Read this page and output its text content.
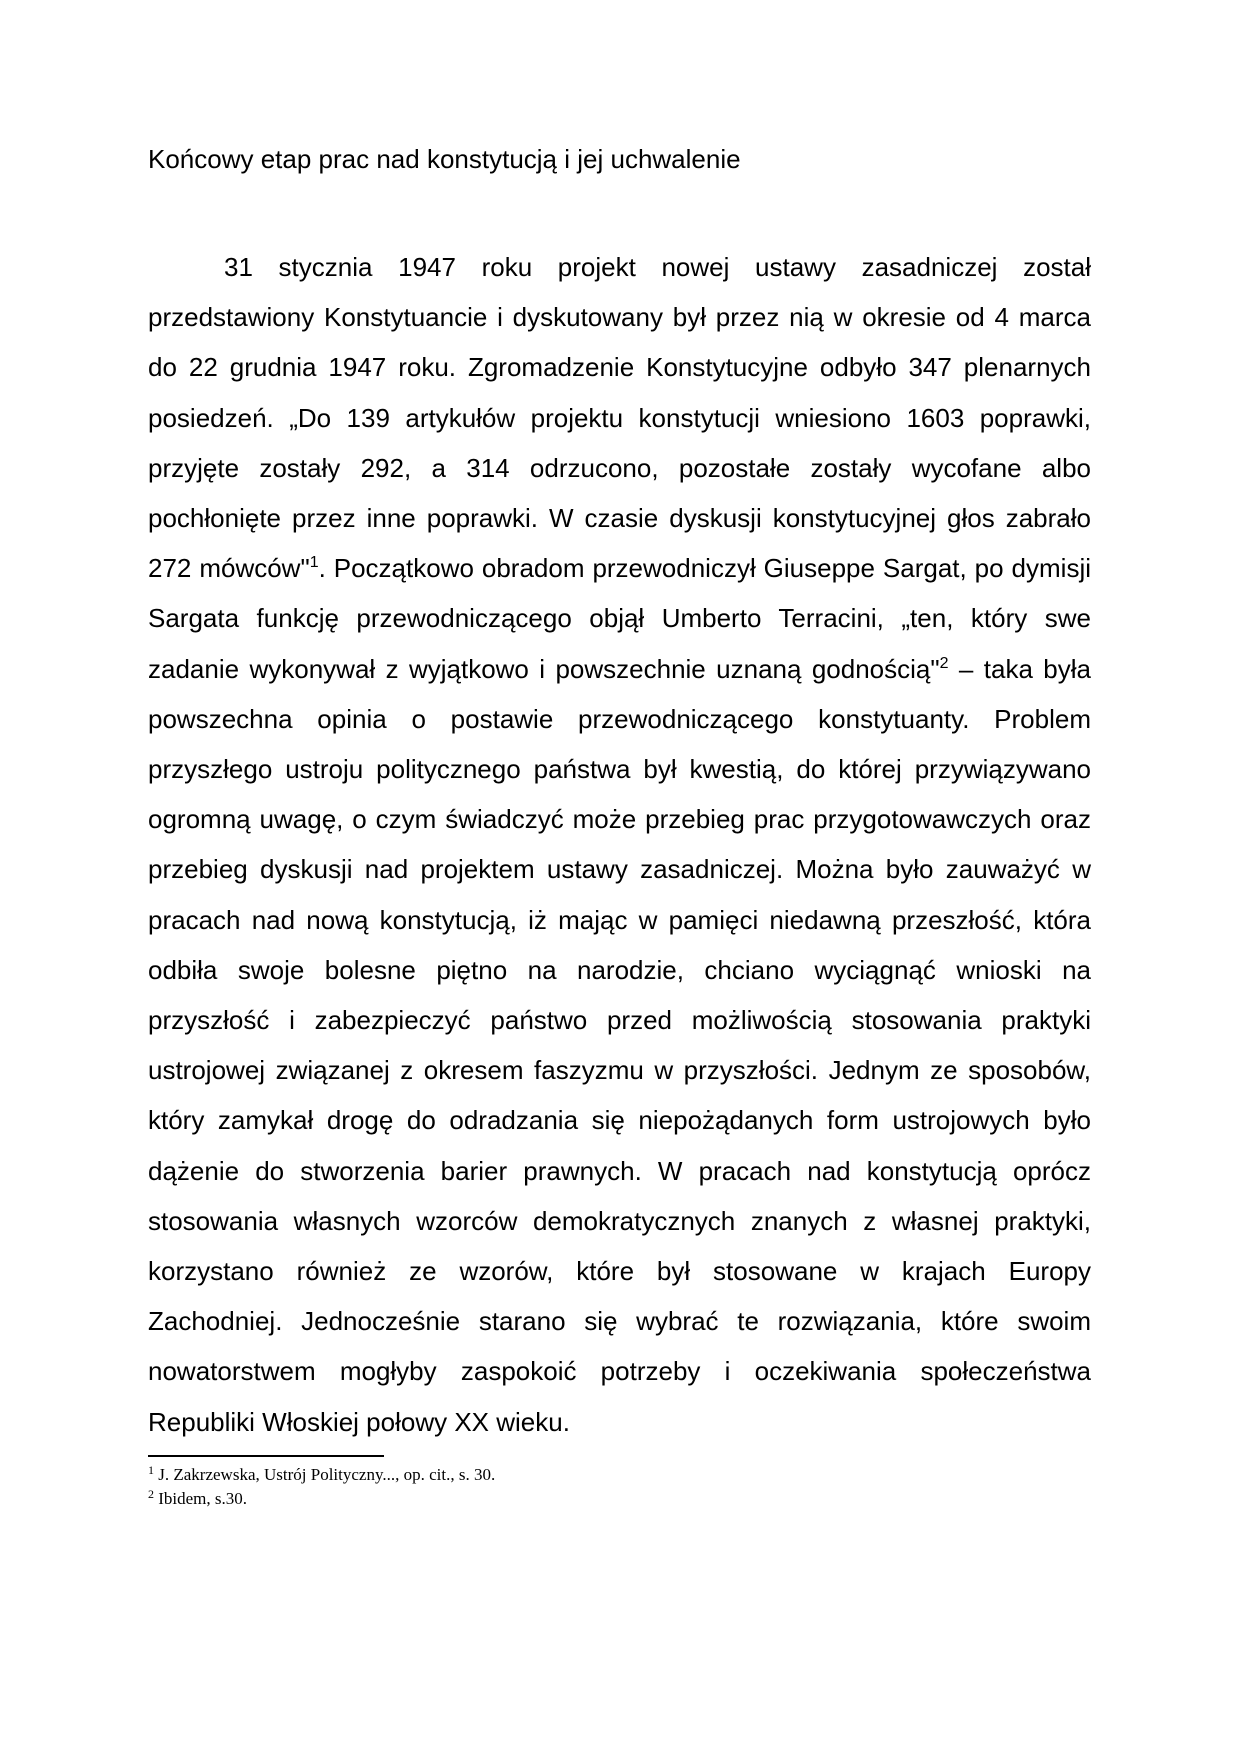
Końcowy etap prac nad konstytucją i jej uchwalenie

31 stycznia 1947 roku projekt nowej ustawy zasadniczej został przedstawiony Konstytuancie i dyskutowany był przez nią w okresie od 4 marca do 22 grudnia 1947 roku. Zgromadzenie Konstytucyjne odbyło 347 plenarnych posiedzeń. „Do 139 artykułów projektu konstytucji wniesiono 1603 poprawki, przyjęte zostały 292, a 314 odrzucono, pozostałe zostały wycofane albo pochłonięte przez inne poprawki. W czasie dyskusji konstytucyjnej głos zabrało 272 mówców"$^1$. Początkowo obradom przewodniczył Giuseppe Sargat, po dymisji Sargata funkcję przewodniczącego objął Umberto Terracini, „ten, który swe zadanie wykonywał z wyjątkowo i powszechnie uznaną godnością"$^2$ – taka była powszechna opinia o postawie przewodniczącego konstytuanty. Problem przyszłego ustroju politycznego państwa był kwestią, do której przywiązywano ogromną uwagę, o czym świadczyć może przebieg prac przygotowawczych oraz przebieg dyskusji nad projektem ustawy zasadniczej. Można było zauważyć w pracach nad nową konstytucją, iż mając w pamięci niedawną przeszłość, która odbiła swoje bolesne piętno na narodzie, chciano wyciągnąć wnioski na przyszłość i zabezpieczyć państwo przed możliwością stosowania praktyki ustrojowej związanej z okresem faszyzmu w przyszłości. Jednym ze sposobów, który zamykał drogę do odradzania się niepożądanych form ustrojowych było dążenie do stworzenia barier prawnych. W pracach nad konstytucją oprócz stosowania własnych wzorców demokratycznych znanych z własnej praktyki, korzystano również ze wzorów, które był stosowane w krajach Europy Zachodniej. Jednocześnie starano się wybrać te rozwiązania, które swoim nowatorstwem mogłyby zaspokoić potrzeby i oczekiwania społeczeństwa Republiki Włoskiej połowy XX wieku.

$^1$ J. Zakrzewska, Ustrój Polityczny..., op. cit., s. 30.
$^2$ Ibidem, s.30.
